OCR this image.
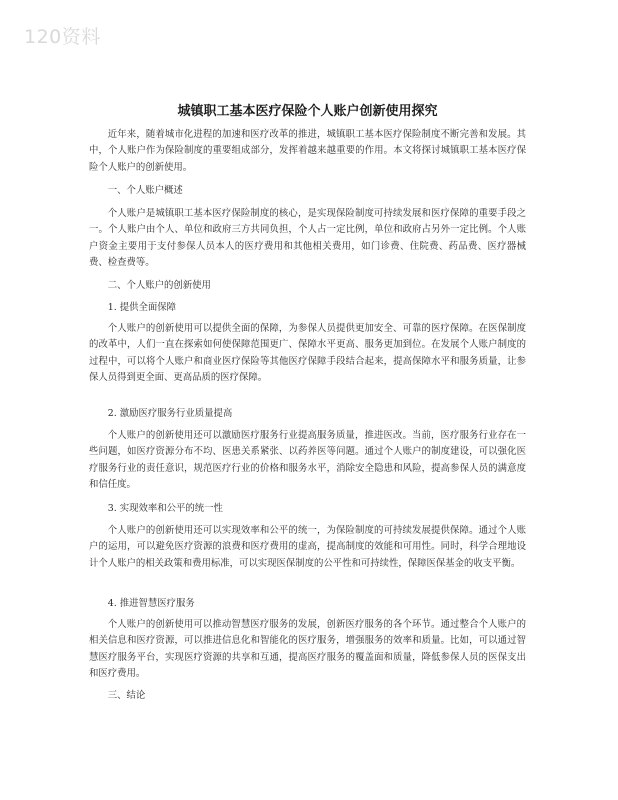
120资料
城镇职工基本医疗保险个人账户创新使用探究

近年来，随着城市化进程的加速和医疗改革的推进，城镇职工基本医疗保险制度不断完善和发展。其中，个人账户作为保险制度的重要组成部分，发挥着越来越重要的作用。本文将探讨城镇职工基本医疗保险个人账户的创新使用。

一、个人账户概述

个人账户是城镇职工基本医疗保险制度的核心，是实现保险制度可持续发展和医疗保障的重要手段之一。个人账户由个人、单位和政府三方共同负担，个人占一定比例，单位和政府占另外一定比例。个人账户资金主要用于支付参保人员本人的医疗费用和其他相关费用，如门诊费、住院费、药品费、医疗器械费、检查费等。

二、个人账户的创新使用

1. 提供全面保障

个人账户的创新使用可以提供全面的保障，为参保人员提供更加安全、可靠的医疗保障。在医保制度的改革中，人们一直在探索如何使保障范围更广、保障水平更高、服务更加到位。在发展个人账户制度的过程中，可以将个人账户和商业医疗保险等其他医疗保障手段结合起来，提高保障水平和服务质量，让参保人员得到更全面、更高品质的医疗保障。

2. 激励医疗服务行业质量提高

个人账户的创新使用还可以激励医疗服务行业提高服务质量，推进医改。当前，医疗服务行业存在一些问题，如医疗资源分布不均、医患关系紧张、以药养医等问题。通过个人账户的制度建设，可以强化医疗服务行业的责任意识，规范医疗行业的价格和服务水平，消除安全隐患和风险，提高参保人员的满意度和信任度。

3. 实现效率和公平的统一性

个人账户的创新使用还可以实现效率和公平的统一，为保险制度的可持续发展提供保障。通过个人账户的运用，可以避免医疗资源的浪费和医疗费用的虚高，提高制度的效能和可用性。同时，科学合理地设计个人账户的相关政策和费用标准，可以实现医保制度的公平性和可持续性，保障医保基金的收支平衡。

4. 推进智慧医疗服务

个人账户的创新使用可以推动智慧医疗服务的发展，创新医疗服务的各个环节。通过整合个人账户的相关信息和医疗资源，可以推进信息化和智能化的医疗服务，增强服务的效率和质量。比如，可以通过智慧医疗服务平台，实现医疗资源的共享和互通，提高医疗服务的覆盖面和质量，降低参保人员的医保支出和医疗费用。

三、结论
